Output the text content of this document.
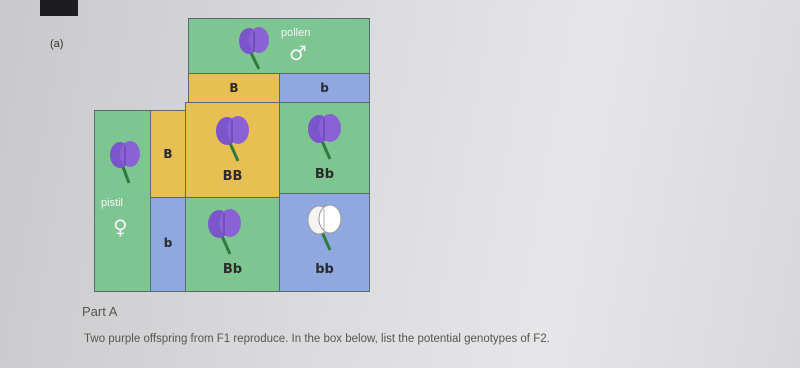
(a)
pollen
♂
B	b
pistil
♀
B
b
BB	Bb
Bb	bb
Part A
Two purple offspring from F1 reproduce. In the box below, list the potential genotypes of F2.
